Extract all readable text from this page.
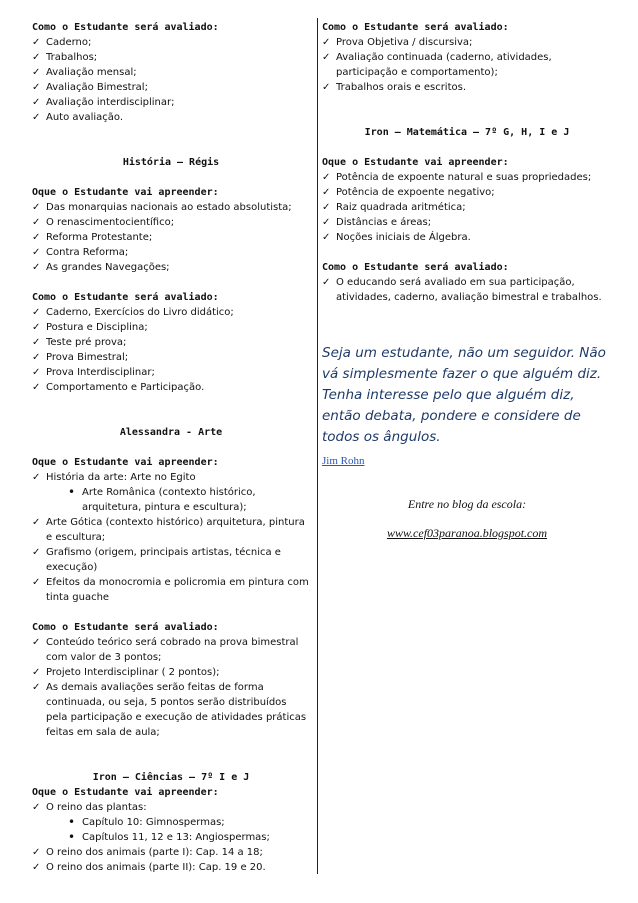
Como o Estudante será avaliado:
✓ Caderno;
✓ Trabalhos;
✓ Avaliação mensal;
✓ Avaliação Bimestral;
✓ Avaliação interdisciplinar;
✓ Auto avaliação.
História – Régis
Oque o Estudante vai apreender:
✓ Das monarquias nacionais ao estado absolutista;
✓ O renascimentocientífico;
✓ Reforma Protestante;
✓ Contra Reforma;
✓ As grandes Navegações;
Como o Estudante será avaliado:
✓ Caderno, Exercícios do Livro didático;
✓ Postura e Disciplina;
✓ Teste pré prova;
✓ Prova Bimestral;
✓ Prova Interdisciplinar;
✓ Comportamento e Participação.
Alessandra - Arte
Oque o Estudante vai apreender:
✓ História da arte: Arte no Egito
• Arte Românica (contexto histórico, arquitetura, pintura e escultura);
✓ Arte Gótica (contexto histórico) arquitetura, pintura e escultura;
✓ Grafismo (origem, principais artistas, técnica e execução)
✓ Efeitos da monocromia e policromia em pintura com tinta guache
Como o Estudante será avaliado:
✓ Conteúdo teórico será cobrado na prova bimestral com valor de 3 pontos;
✓ Projeto Interdisciplinar ( 2 pontos);
✓ As demais avaliações serão feitas de forma continuada, ou seja, 5 pontos serão distribuídos pela participação e execução de atividades práticas feitas em sala de aula;
Iron – Ciências – 7º I e J
Oque o Estudante vai apreender:
✓ O reino das plantas:
• Capítulo 10: Gimnospermas;
• Capítulos 11, 12 e 13: Angiospermas;
✓ O reino dos animais (parte I): Cap. 14 a 18;
✓ O reino dos animais (parte II): Cap. 19 e 20.
Como o Estudante será avaliado:
✓ Prova Objetiva / discursiva;
✓ Avaliação continuada (caderno, atividades, participação e comportamento);
✓ Trabalhos orais e escritos.
Iron – Matemática – 7º G, H, I e J
Oque o Estudante vai apreender:
✓ Potência de expoente natural e suas propriedades;
✓ Potência de expoente negativo;
✓ Raiz quadrada aritmética;
✓ Distâncias e áreas;
✓ Noções iniciais de Álgebra.
Como o Estudante será avaliado:
✓ O educando será avaliado em sua participação, atividades, caderno, avaliação bimestral e trabalhos.
Seja um estudante, não um seguidor. Não vá simplesmente fazer o que alguém diz. Tenha interesse pelo que alguém diz, então debata, pondere e considere de todos os ângulos.
Jim Rohn
Entre no blog da escola:
www.cef03paranoa.blogspot.com
